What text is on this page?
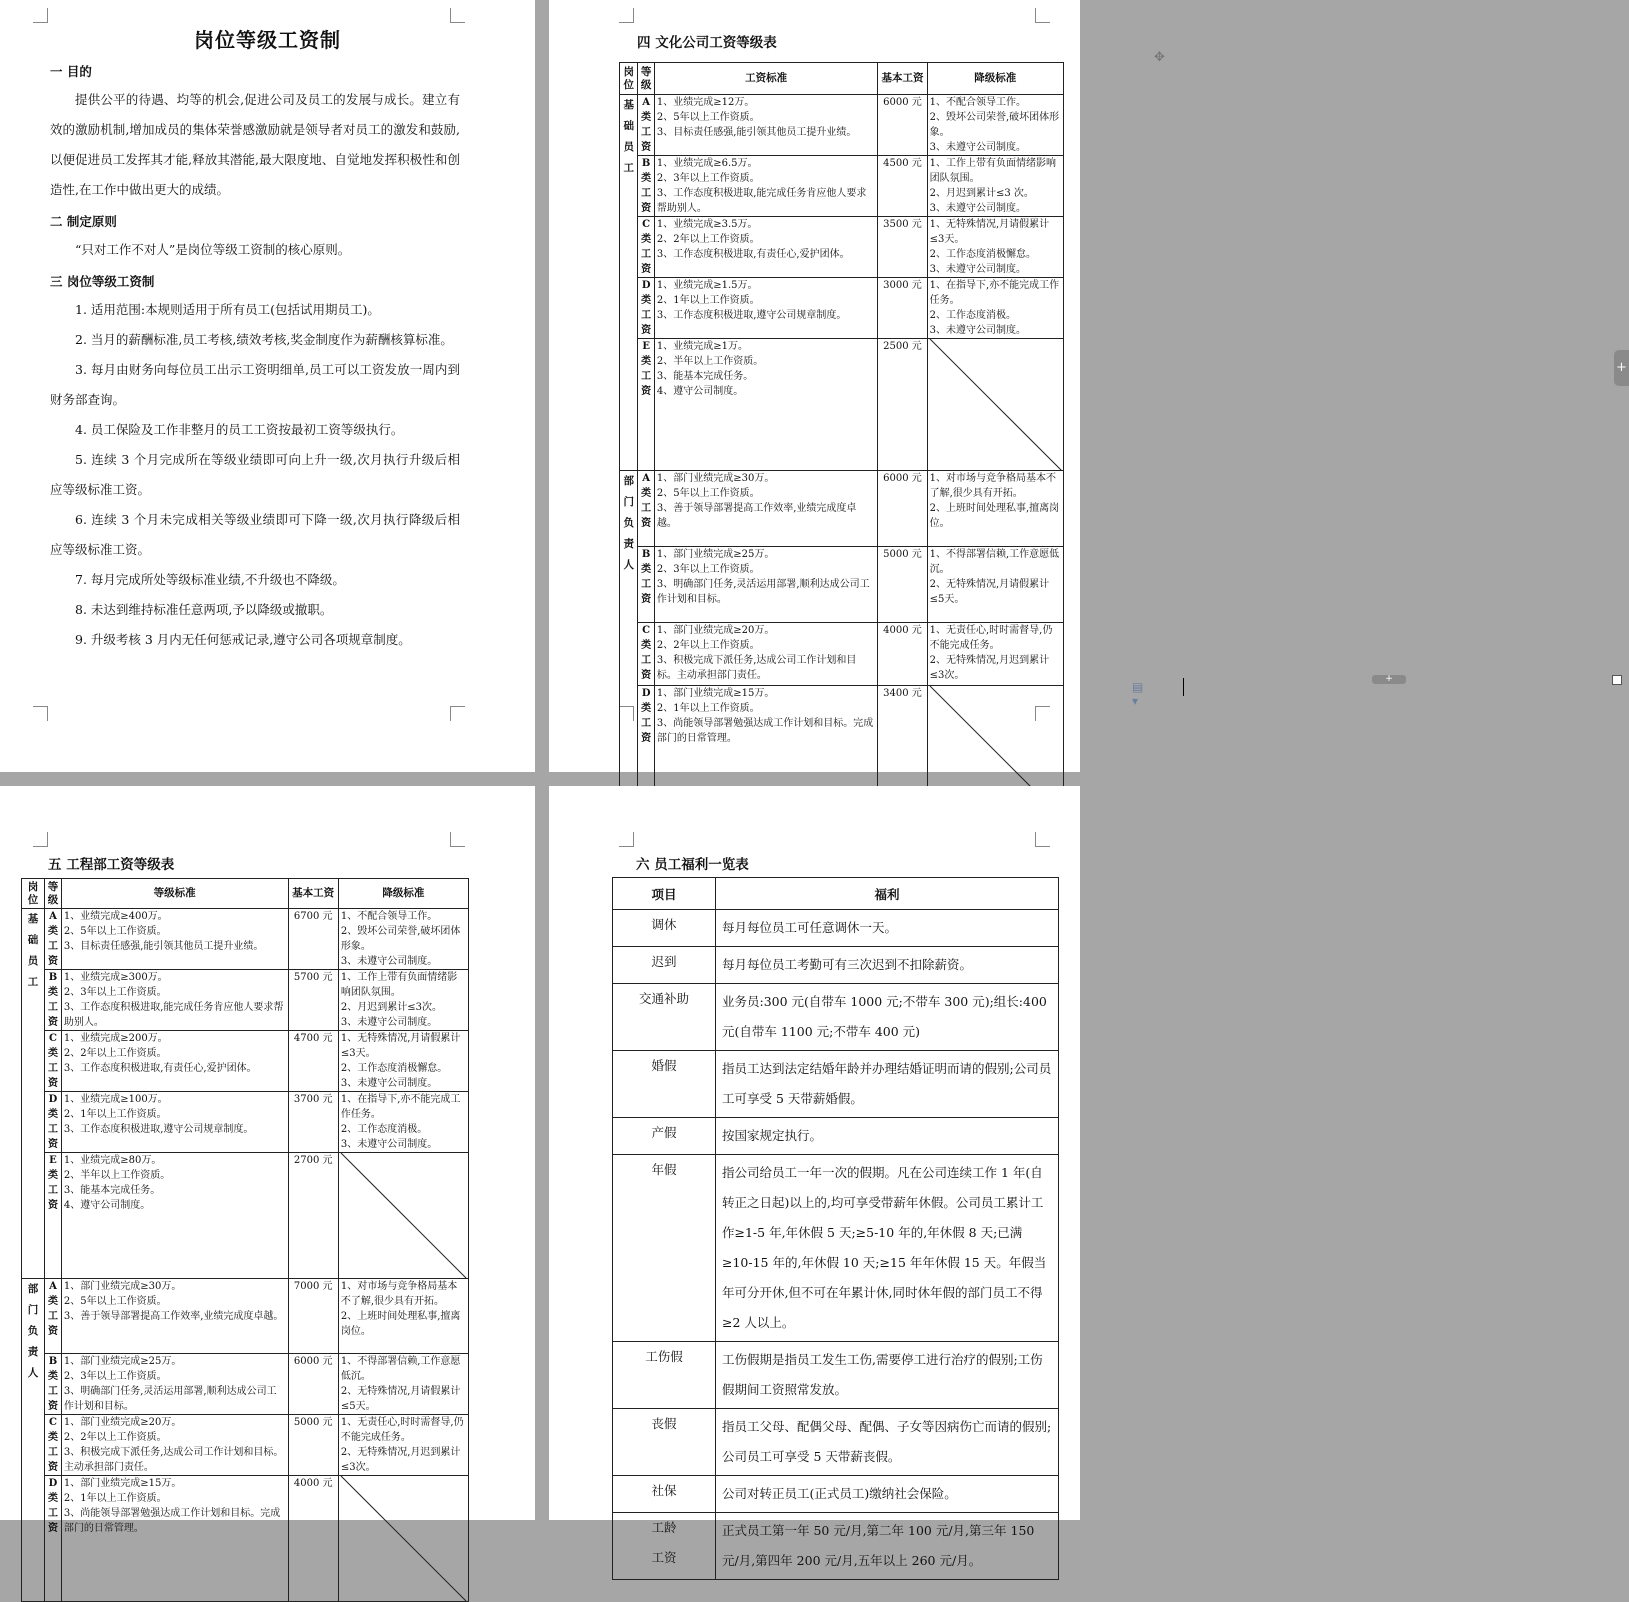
岗位等级工资制
一 目的
提供公平的待遇、均等的机会,促进公司及员工的发展与成长。建立有效的激励机制,增加成员的集体荣誉感激励就是领导者对员工的激发和鼓励,以便促进员工发挥其才能,释放其潜能,最大限度地、自觉地发挥积极性和创造性,在工作中做出更大的成绩。
二 制定原则
“只对工作不对人”是岗位等级工资制的核心原则。
三 岗位等级工资制
1. 适用范围:本规则适用于所有员工(包括试用期员工)。
2. 当月的薪酬标准,员工考核,绩效考核,奖金制度作为薪酬核算标准。
3. 每月由财务向每位员工出示工资明细单,员工可以工资发放一周内到财务部查询。
4. 员工保险及工作非整月的员工工资按最初工资等级执行。
5. 连续 3 个月完成所在等级业绩即可向上升一级,次月执行升级后相应等级标准工资。
6. 连续 3 个月未完成相关等级业绩即可下降一级,次月执行降级后相应等级标准工资。
7. 每月完成所处等级标准业绩,不升级也不降级。
8. 未达到维持标准任意两项,予以降级或撤职。
9. 升级考核 3 月内无任何惩戒记录,遵守公司各项规章制度。
四 文化公司工资等级表
岗位	等级	工资标准	基本工资	降级标准
基础员工	A类工资	1、业绩完成≥12万。
2、5年以上工作资质。
3、目标责任感强,能引领其他员工提升业绩。	6000 元	1、不配合领导工作。
2、毁坏公司荣誉,破坏团体形象。
3、未遵守公司制度。
	B类工资	1、业绩完成≥6.5万。
2、3年以上工作资质。
3、工作态度积极进取,能完成任务肯应他人要求帮助别人。	4500 元	1、工作上带有负面情绪影响团队氛围。
2、月迟到累计≤3 次。
3、未遵守公司制度。
	C类工资	1、业绩完成≥3.5万。
2、2年以上工作资质。
3、工作态度积极进取,有责任心,爱护团体。	3500 元	1、无特殊情况,月请假累计≤3天。
2、工作态度消极懈怠。
3、未遵守公司制度。
	D类工资	1、业绩完成≥1.5万。
2、1年以上工作资质。
3、工作态度积极进取,遵守公司规章制度。	3000 元	1、在指导下,亦不能完成工作任务。
2、工作态度消极。
3、未遵守公司制度。
	E类工资	1、业绩完成≥1万。
2、半年以上工作资质。
3、能基本完成任务。
4、遵守公司制度。	2500 元	

部门负责人	A类工资	1、部门业绩完成≥30万。
2、5年以上工作资质。
3、善于领导部署提高工作效率,业绩完成度卓越。	6000 元	1、对市场与竞争格局基本不了解,很少具有开拓。
2、上班时间处理私事,擅离岗位。
	B类工资	1、部门业绩完成≥25万。
2、3年以上工作资质。
3、明确部门任务,灵活运用部署,顺利达成公司工作计划和目标。	5000 元	1、不得部署信赖,工作意愿低沉。
2、无特殊情况,月请假累计≤5天。
	C类工资	1、部门业绩完成≥20万。
2、2年以上工作资质。
3、积极完成下派任务,达成公司工作计划和目标。主动承担部门责任。	4000 元	1、无责任心,时时需督导,仍不能完成任务。
2、无特殊情况,月迟到累计≤3次。
	D类工资	1、部门业绩完成≥15万。
2、1年以上工作资质。
3、尚能领导部署勉强达成工作计划和目标。完成部门的日常管理。	3400 元	
✥
+
+
▤ ▾
五 工程部工资等级表
岗位	等级	等级标准	基本工资	降级标准
基础员工	A类工资	1、业绩完成≥400万。
2、5年以上工作资质。
3、目标责任感强,能引领其他员工提升业绩。	6700 元	1、不配合领导工作。
2、毁坏公司荣誉,破坏团体形象。
3、未遵守公司制度。
	B类工资	1、业绩完成≥300万。
2、3年以上工作资质。
3、工作态度积极进取,能完成任务肯应他人要求帮助别人。	5700 元	1、工作上带有负面情绪影响团队氛围。
2、月迟到累计≤3次。
3、未遵守公司制度。
	C类工资	1、业绩完成≥200万。
2、2年以上工作资质。
3、工作态度积极进取,有责任心,爱护团体。	4700 元	1、无特殊情况,月请假累计≤3天。
2、工作态度消极懈怠。
3、未遵守公司制度。
	D类工资	1、业绩完成≥100万。
2、1年以上工作资质。
3、工作态度积极进取,遵守公司规章制度。	3700 元	1、在指导下,亦不能完成工作任务。
2、工作态度消极。
3、未遵守公司制度。
	E类工资	1、业绩完成≥80万。
2、半年以上工作资质。
3、能基本完成任务。
4、遵守公司制度。	2700 元	

部门负责人	A类工资	1、部门业绩完成≥30万。
2、5年以上工作资质。
3、善于领导部署提高工作效率,业绩完成度卓越。	7000 元	1、对市场与竞争格局基本不了解,很少具有开拓。
2、上班时间处理私事,擅离岗位。
	B类工资	1、部门业绩完成≥25万。
2、3年以上工作资质。
3、明确部门任务,灵活运用部署,顺利达成公司工作计划和目标。	6000 元	1、不得部署信赖,工作意愿低沉。
2、无特殊情况,月请假累计≤5天。
	C类工资	1、部门业绩完成≥20万。
2、2年以上工作资质。
3、积极完成下派任务,达成公司工作计划和目标。主动承担部门责任。	5000 元	1、无责任心,时时需督导,仍不能完成任务。
2、无特殊情况,月迟到累计≤3次。
	D类工资	1、部门业绩完成≥15万。
2、1年以上工作资质。
3、尚能领导部署勉强达成工作计划和目标。完成部门的日常管理。	4000 元	
六 员工福利一览表
项目	福利
调休	每月每位员工可任意调休一天。
迟到	每月每位员工考勤可有三次迟到不扣除薪资。
交通补助	业务员:300 元(自带车 1000 元;不带车 300 元);组长:400 元(自带车 1100 元;不带车 400 元)
婚假	指员工达到法定结婚年龄并办理结婚证明而请的假别;公司员工可享受 5 天带薪婚假。
产假	按国家规定执行。
年假	指公司给员工一年一次的假期。凡在公司连续工作 1 年(自转正之日起)以上的,均可享受带薪年休假。公司员工累计工作≥1-5 年,年休假 5 天;≥5-10 年的,年休假 8 天;已满≥10-15 年的,年休假 10 天;≥15 年年休假 15 天。年假当年可分开休,但不可在年累计休,同时休年假的部门员工不得≥2 人以上。
工伤假	工伤假期是指员工发生工伤,需要停工进行治疗的假别;工伤假期间工资照常发放。
丧假	指员工父母、配偶父母、配偶、子女等因病伤亡而请的假别;公司员工可享受 5 天带薪丧假。
社保	公司对转正员工(正式员工)缴纳社会保险。
工龄
工资	正式员工第一年 50 元/月,第二年 100 元/月,第三年 150 元/月,第四年 200 元/月,五年以上 260 元/月。
